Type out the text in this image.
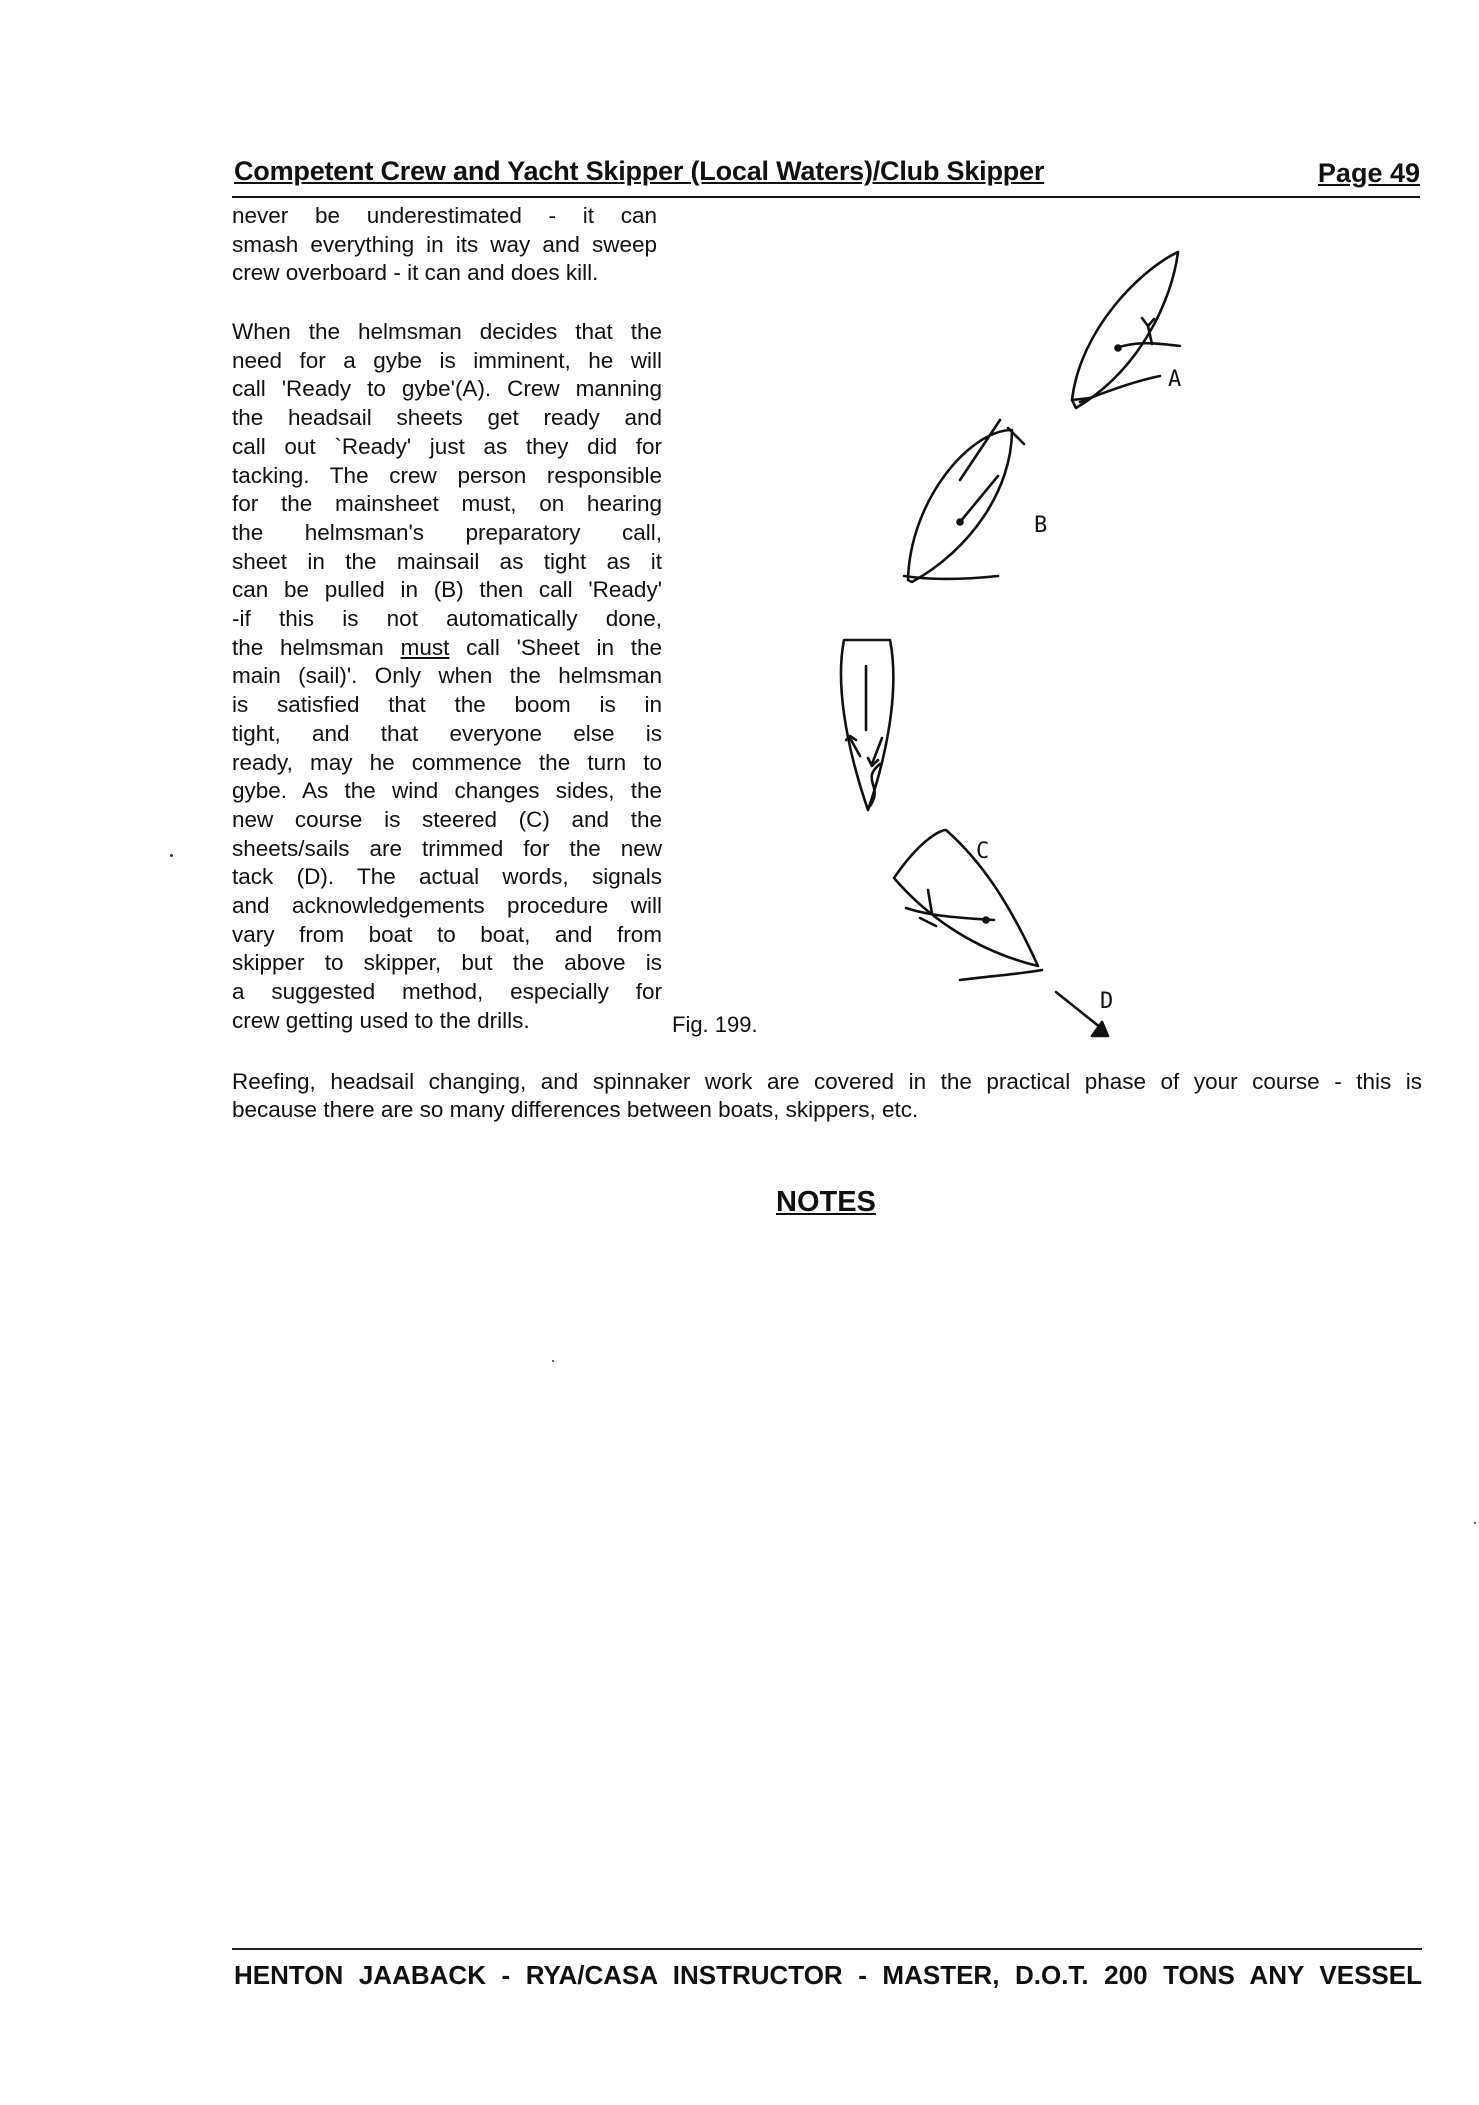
Competent Crew and Yacht Skipper (Local Waters)/Club Skipper	Page 49
never be underestimated - it can
smash everything in its way and sweep
crew overboard - it can and does kill.
When the helmsman decides that the
need for a gybe is imminent, he will
call 'Ready to gybe'(A). Crew manning
the headsail sheets get ready and
call out `Ready' just as they did for
tacking. The crew person responsible
for the mainsheet must, on hearing
the helmsman's preparatory call,
sheet in the mainsail as tight as it
can be pulled in (B) then call 'Ready'
-if this is not automatically done,
the helmsman must call 'Sheet in the
main (sail)'. Only when the helmsman
is satisfied that the boom is in
tight, and that everyone else is
ready, may he commence the turn to
gybe. As the wind changes sides, the
new course is steered (C) and the
sheets/sails are trimmed for the new
tack (D). The actual words, signals
and acknowledgements procedure will
vary from boat to boat, and from
skipper to skipper, but the above is
a suggested method, especially for
crew getting used to the drills.	Fig. 199.
A
B
C
D
Reefing, headsail changing, and spinnaker work are covered in the practical phase of your course - this is
because there are so many differences between boats, skippers, etc.
NOTES
HENTON JAABACK - RYA/CASA INSTRUCTOR - MASTER, D.O.T. 200 TONS ANY VESSEL
